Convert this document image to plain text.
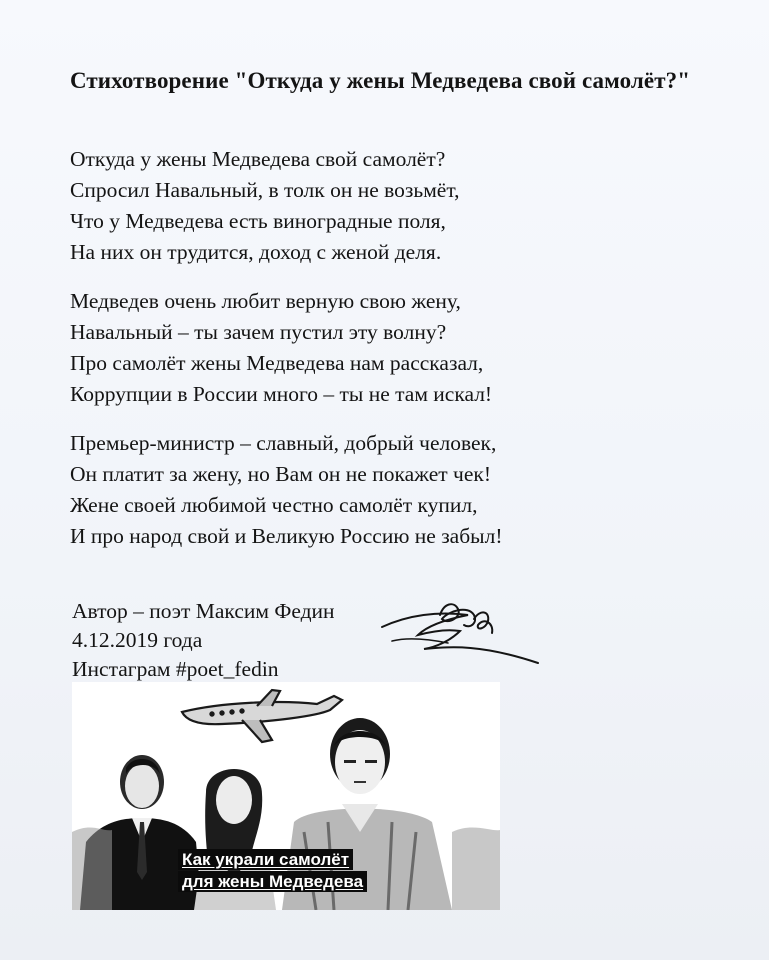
Стихотворение "Откуда у жены Медведева свой самолёт?"
Откуда у жены Медведева свой самолёт?
Спросил Навальный, в толк он не возьмёт,
Что у Медведева есть виноградные поля,
На них он трудится, доход с женой деля.
Медведев очень любит верную свою жену,
Навальный – ты зачем пустил эту волну?
Про самолёт жены Медведева нам рассказал,
Коррупции в России много – ты не там искал!
Премьер-министр – славный, добрый человек,
Он платит за жену, но Вам он не покажет чек!
Жене своей любимой честно самолёт купил,
И про народ свой и Великую Россию не забыл!
Автор – поэт Максим Федин
4.12.2019 года
Инстаграм #poet_fedin
Как украли самолёт
для жены Медведева
